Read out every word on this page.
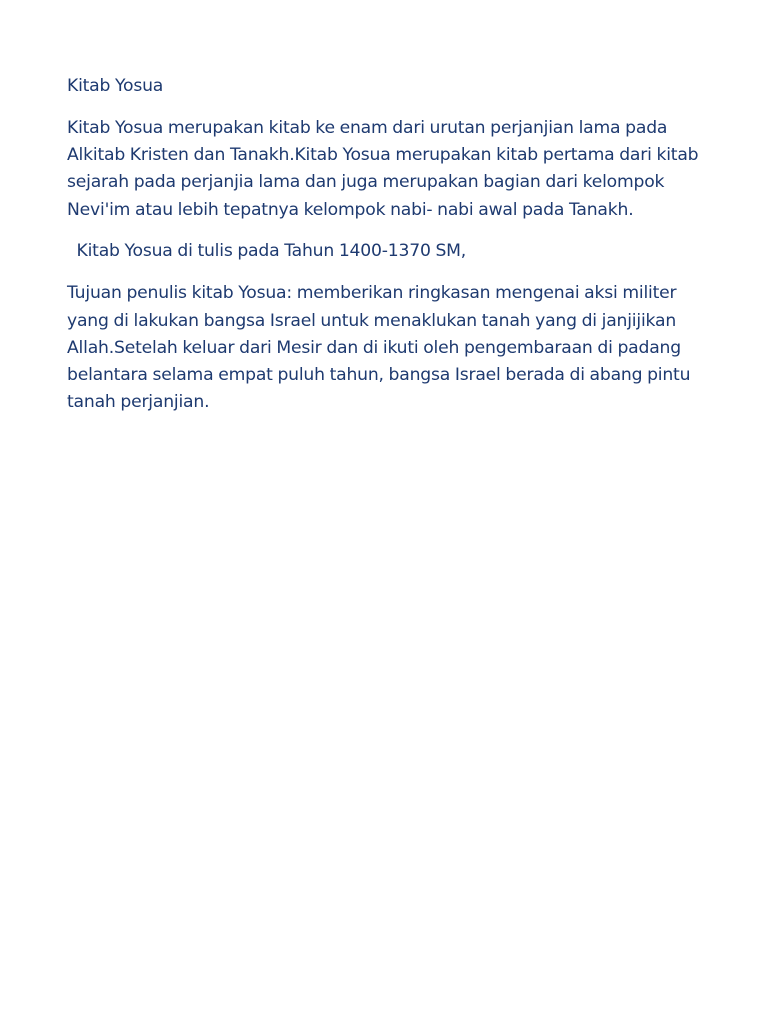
Kitab Yosua

Kitab Yosua merupakan kitab ke enam dari urutan perjanjian lama pada
Alkitab Kristen dan Tanakh.Kitab Yosua merupakan kitab pertama dari kitab
sejarah pada perjanjia lama dan juga merupakan bagian dari kelompok
Nevi'im atau lebih tepatnya kelompok nabi- nabi awal pada Tanakh.

Kitab Yosua di tulis pada Tahun 1400-1370 SM,

Tujuan penulis kitab Yosua: memberikan ringkasan mengenai aksi militer
yang di lakukan bangsa Israel untuk menaklukan tanah yang di janjijikan
Allah.Setelah keluar dari Mesir dan di ikuti oleh pengembaraan di padang
belantara selama empat puluh tahun, bangsa Israel berada di abang pintu
tanah perjanjian.
